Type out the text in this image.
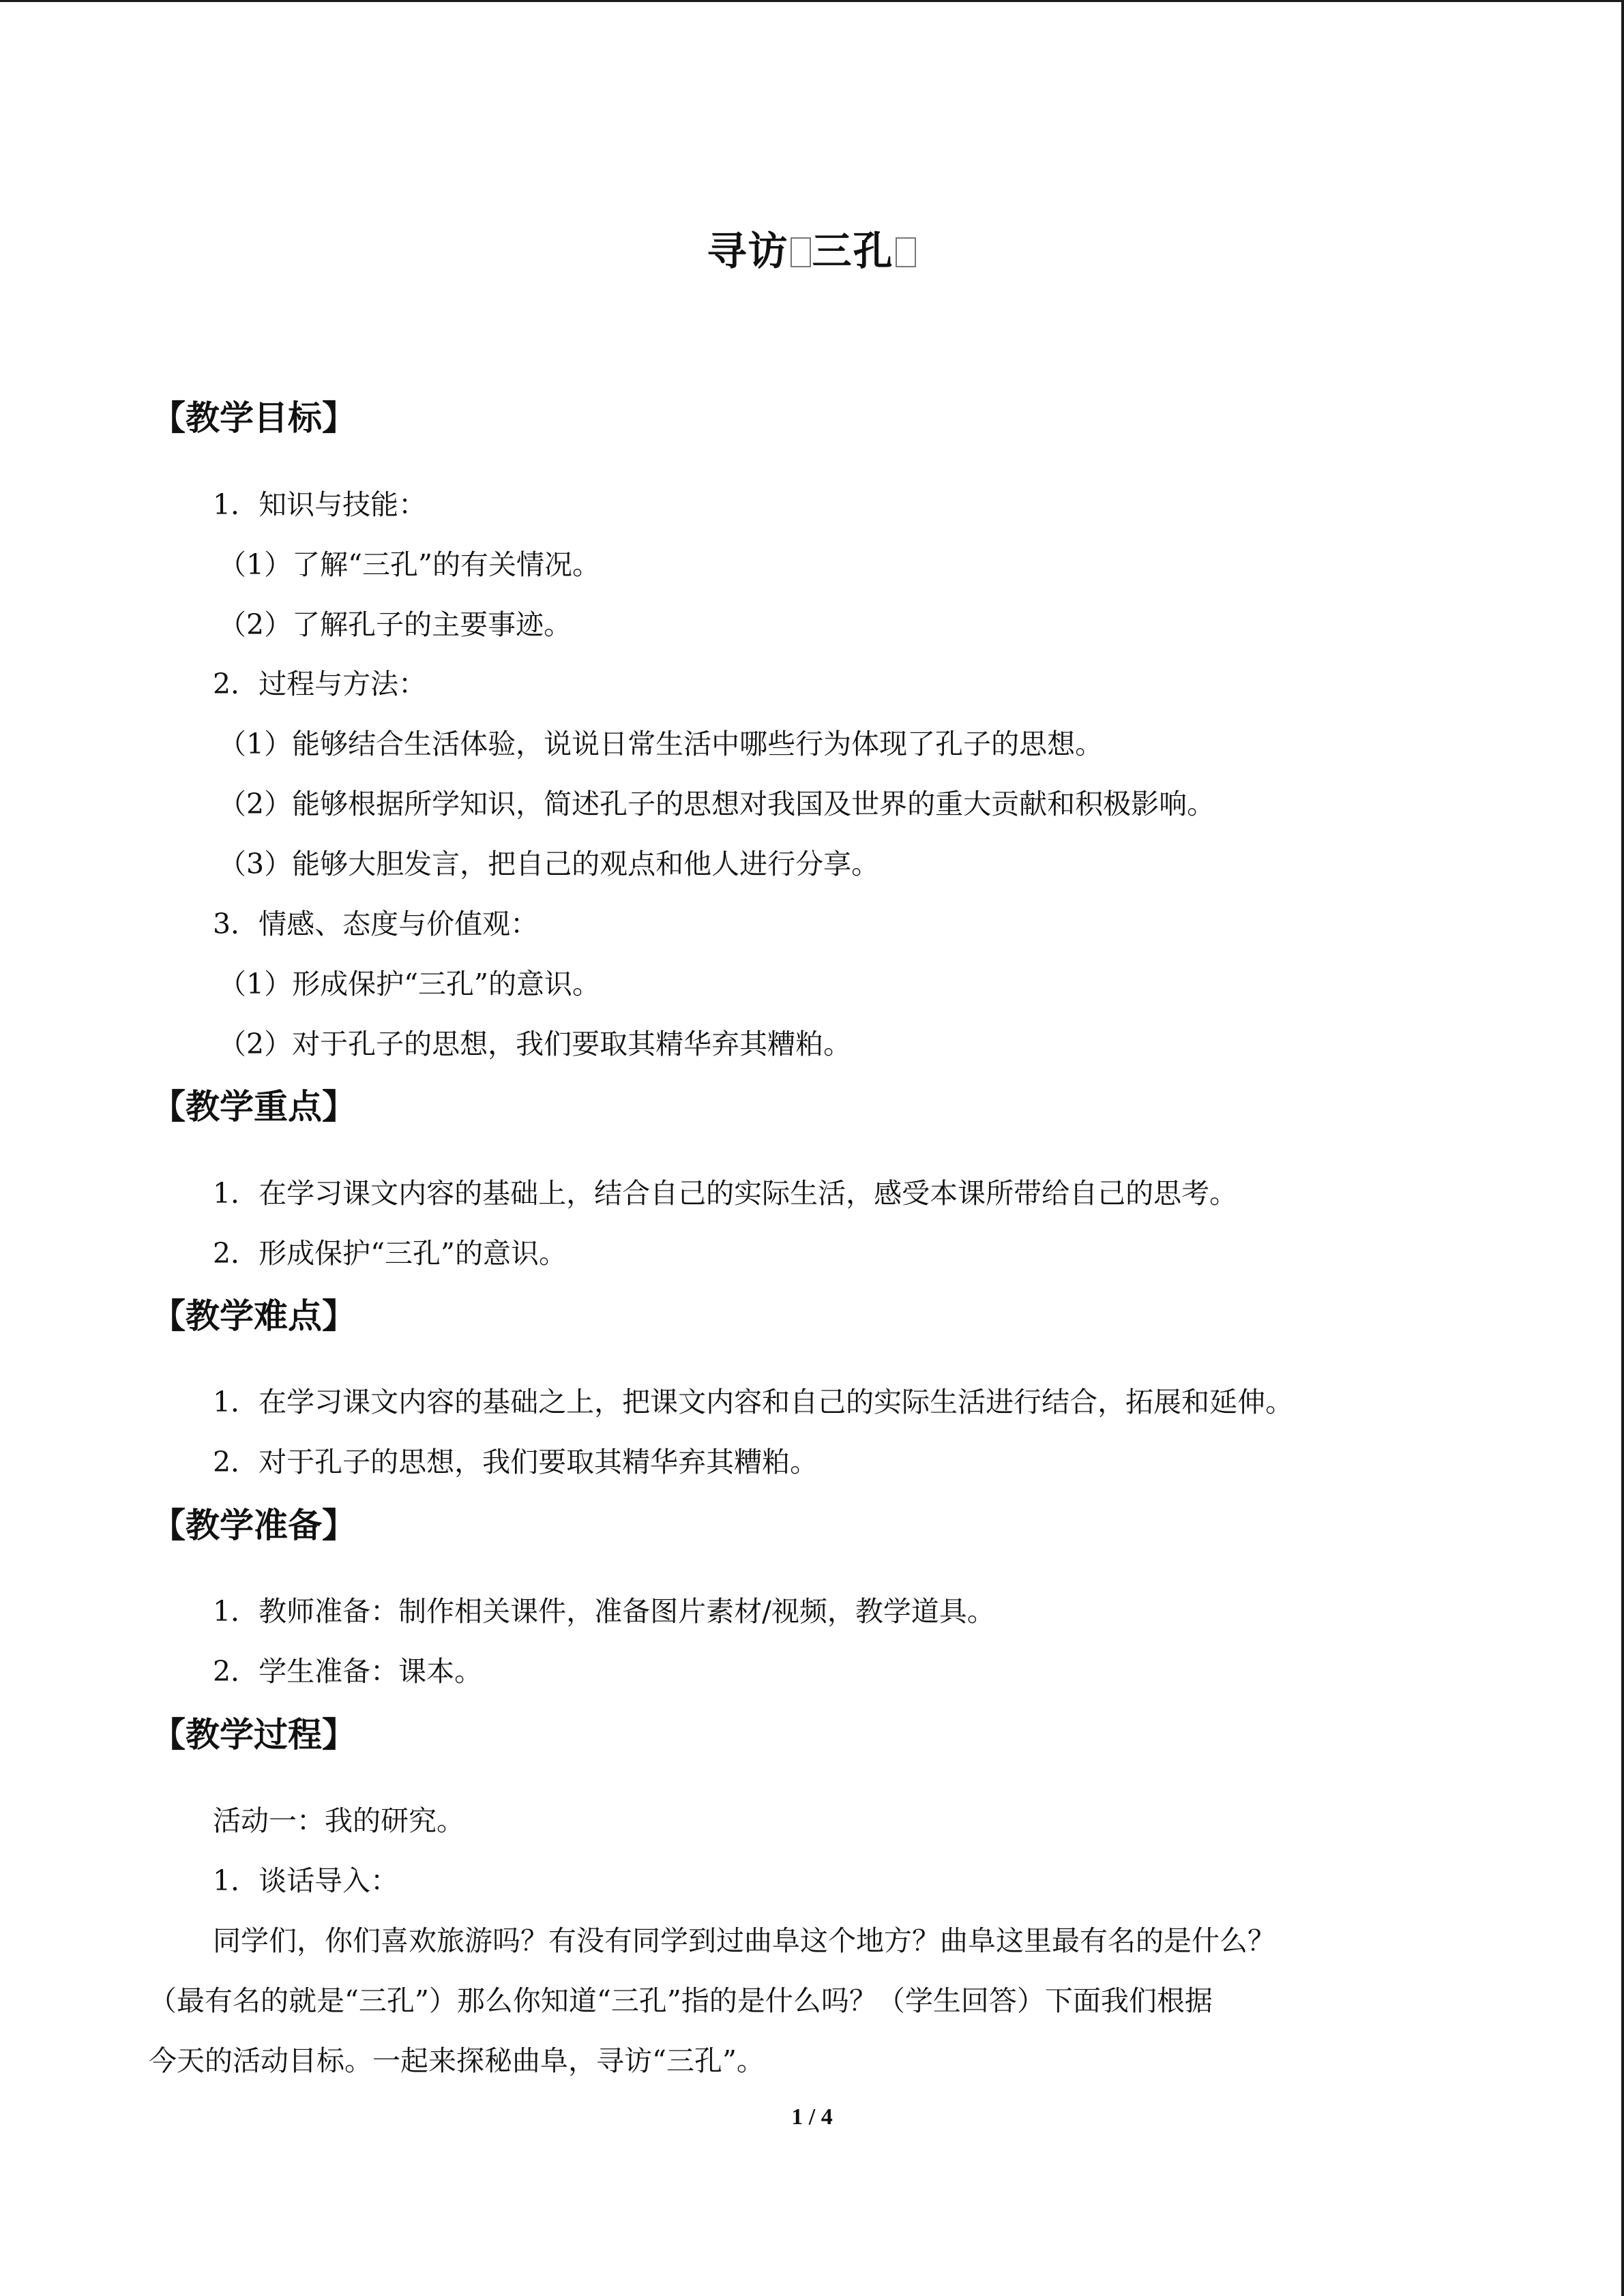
寻访 三孔
【教学目标】
1．知识与技能：
（1）了解“三孔”的有关情况。
（2）了解孔子的主要事迹。
2．过程与方法：
（1）能够结合生活体验，说说日常生活中哪些行为体现了孔子的思想。
（2）能够根据所学知识，简述孔子的思想对我国及世界的重大贡献和积极影响。
（3）能够大胆发言，把自己的观点和他人进行分享。
3．情感、态度与价值观：
（1）形成保护“三孔”的意识。
（2）对于孔子的思想，我们要取其精华弃其糟粕。
【教学重点】
1．在学习课文内容的基础上，结合自己的实际生活，感受本课所带给自己的思考。
2．形成保护“三孔”的意识。
【教学难点】
1．在学习课文内容的基础之上，把课文内容和自己的实际生活进行结合，拓展和延伸。
2．对于孔子的思想，我们要取其精华弃其糟粕。
【教学准备】
1．教师准备：制作相关课件，准备图片素材/视频，教学道具。
2．学生准备：课本。
【教学过程】
活动一：我的研究。
1．谈话导入：
同学们，你们喜欢旅游吗？有没有同学到过曲阜这个地方？曲阜这里最有名的是什么？
（最有名的就是“三孔”）那么你知道“三孔”指的是什么吗？（学生回答）下面我们根据
今天的活动目标。一起来探秘曲阜，寻访“三孔”。
1 / 4
